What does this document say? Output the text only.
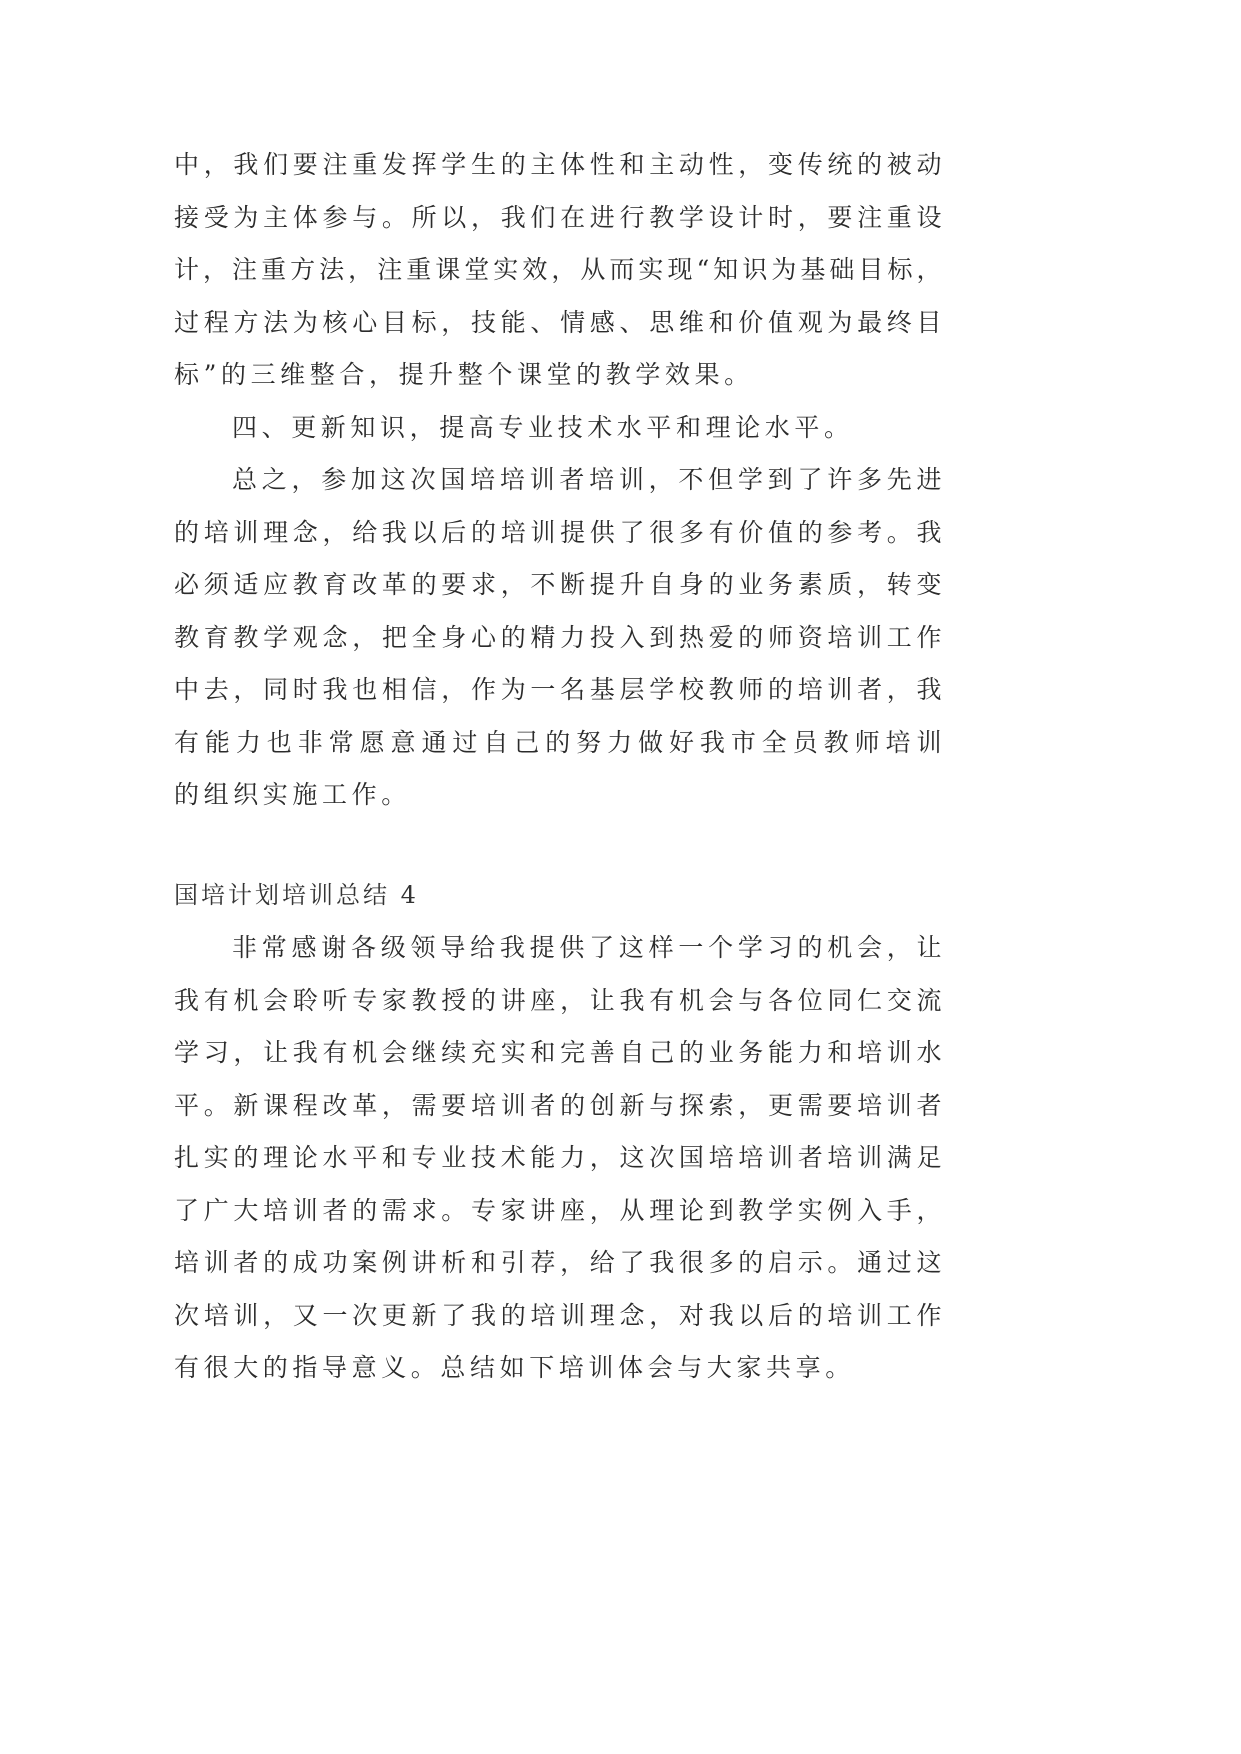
中，我们要注重发挥学生的主体性和主动性，变传统的被动
接受为主体参与。所以，我们在进行教学设计时，要注重设
计，注重方法，注重课堂实效，从而实现“知识为基础目标，
过程方法为核心目标，技能、情感、思维和价值观为最终目
标”的三维整合，提升整个课堂的教学效果。
四、更新知识，提高专业技术水平和理论水平。
总之，参加这次国培培训者培训，不但学到了许多先进
的培训理念，给我以后的培训提供了很多有价值的参考。我
必须适应教育改革的要求，不断提升自身的业务素质，转变
教育教学观念，把全身心的精力投入到热爱的师资培训工作
中去，同时我也相信，作为一名基层学校教师的培训者，我
有能力也非常愿意通过自己的努力做好我市全员教师培训
的组织实施工作。
国培计划培训总结 4
非常感谢各级领导给我提供了这样一个学习的机会，让
我有机会聆听专家教授的讲座，让我有机会与各位同仁交流
学习，让我有机会继续充实和完善自己的业务能力和培训水
平。新课程改革，需要培训者的创新与探索，更需要培训者
扎实的理论水平和专业技术能力，这次国培培训者培训满足
了广大培训者的需求。专家讲座，从理论到教学实例入手，
培训者的成功案例讲析和引荐，给了我很多的启示。通过这
次培训，又一次更新了我的培训理念，对我以后的培训工作
有很大的指导意义。总结如下培训体会与大家共享。
